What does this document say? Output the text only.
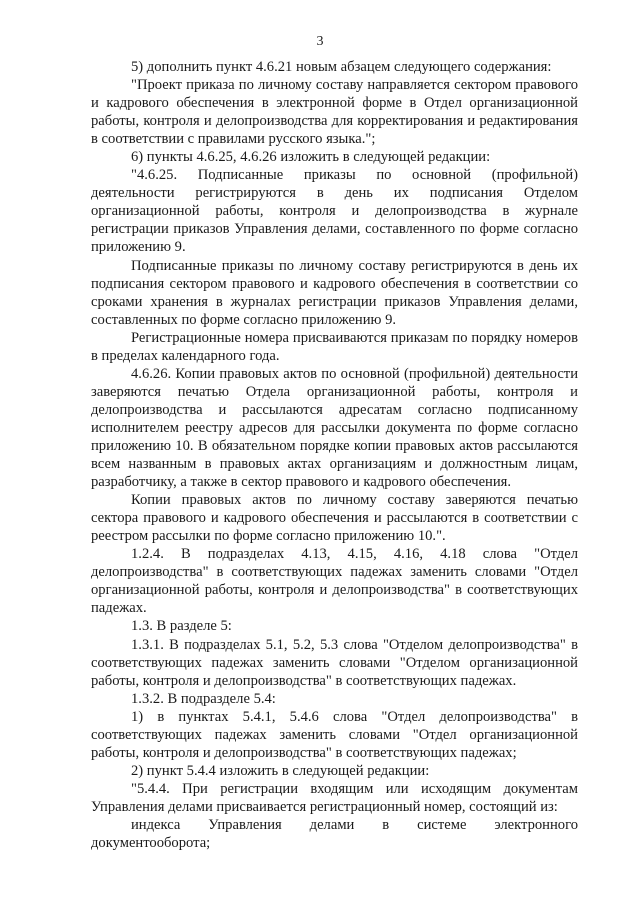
3

5) дополнить пункт 4.6.21 новым абзацем следующего содержания:

"Проект приказа по личному составу направляется сектором правового и кадрового обеспечения в электронной форме в Отдел организационной работы, контроля и делопроизводства для корректирования и редактирования в соответствии с правилами русского языка.";

6) пункты 4.6.25, 4.6.26 изложить в следующей редакции:

"4.6.25. Подписанные приказы по основной (профильной) деятельности регистрируются в день их подписания Отделом организационной работы, контроля и делопроизводства в журнале регистрации приказов Управления делами, составленного по форме согласно приложению 9.

Подписанные приказы по личному составу регистрируются в день их подписания сектором правового и кадрового обеспечения в соответствии со сроками хранения в журналах регистрации приказов Управления делами, составленных по форме согласно приложению 9.

Регистрационные номера присваиваются приказам по порядку номеров в пределах календарного года.

4.6.26. Копии правовых актов по основной (профильной) деятельности заверяются печатью Отдела организационной работы, контроля и делопроизводства и рассылаются адресатам согласно подписанному исполнителем реестру адресов для рассылки документа по форме согласно приложению 10. В обязательном порядке копии правовых актов рассылаются всем названным в правовых актах организациям и должностным лицам, разработчику, а также в сектор правового и кадрового обеспечения.

Копии правовых актов по личному составу заверяются печатью сектора правового и кадрового обеспечения и рассылаются в соответствии с реестром рассылки по форме согласно приложению 10.".

1.2.4. В подразделах 4.13, 4.15, 4.16, 4.18 слова "Отдел делопроизводства" в соответствующих падежах заменить словами "Отдел организационной работы, контроля и делопроизводства" в соответствующих падежах.

1.3. В разделе 5:

1.3.1. В подразделах 5.1, 5.2, 5.3 слова "Отделом делопроизводства" в соответствующих падежах заменить словами "Отделом организационной работы, контроля и делопроизводства" в соответствующих падежах.

1.3.2. В подразделе 5.4:

1) в пунктах 5.4.1, 5.4.6 слова "Отдел делопроизводства" в соответствующих падежах заменить словами "Отдел организационной работы, контроля и делопроизводства" в соответствующих падежах;

2) пункт 5.4.4 изложить в следующей редакции:

"5.4.4. При регистрации входящим или исходящим документам Управления делами присваивается регистрационный номер, состоящий из:

индекса Управления делами в системе электронного документооборота;
